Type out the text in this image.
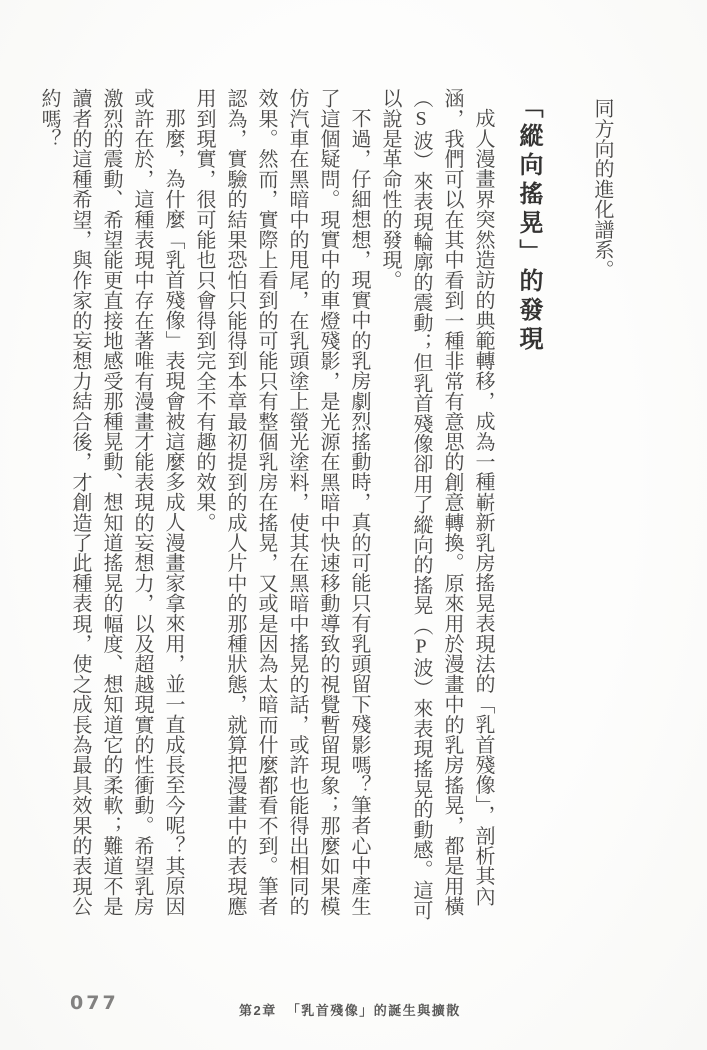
同方向的進化譜系。

「縱向搖晃」的發現

成人漫畫界突然造訪的典範轉移，成為一種嶄新乳房搖晃表現法的「乳首殘像」，剖析其內涵，我們可以在其中看到一種非常有意思的創意轉換。原來用於漫畫中的乳房搖晃，都是用橫（S波）來表現輪廓的震動；但乳首殘像卻用了縱向的搖晃（P波）來表現搖晃的動感。這可以說是革命性的發現。

不過，仔細想想，現實中的乳房劇烈搖動時，真的可能只有乳頭留下殘影嗎？筆者心中產生了這個疑問。現實中的車燈殘影，是光源在黑暗中快速移動導致的視覺暫留現象；那麼如果模仿汽車在黑暗中的甩尾，在乳頭塗上螢光塗料，使其在黑暗中搖晃的話，或許也能得出相同的效果。然而，實際上看到的可能只有整個乳房在搖晃，又或是因為太暗而什麼都看不到。筆者認為，實驗的結果恐怕只能得到本章最初提到的成人片中的那種狀態，就算把漫畫中的表現應用到現實，很可能也只會得到完全不有趣的效果。

那麼，為什麼「乳首殘像」表現會被這麼多成人漫畫家拿來用，並一直成長至今呢？其原因或許在於，這種表現中存在著唯有漫畫才能表現的妄想力，以及超越現實的性衝動。希望乳房激烈的震動、希望能更直接地感受那種晃動、想知道搖晃的幅度、想知道它的柔軟；難道不是讀者的這種希望，與作家的妄想力結合後，才創造了此種表現，使之成長為最具效果的表現公約嗎？

077	第2章 「乳首殘像」的誕生與擴散
